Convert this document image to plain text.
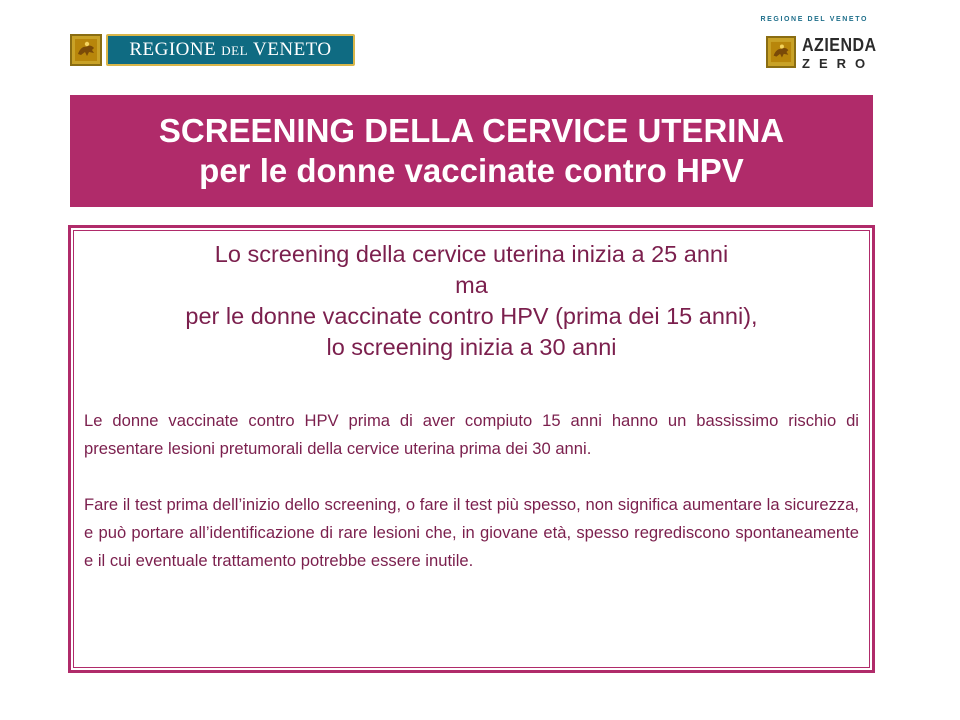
REGIONE DEL VENETO
REGIONE DEL VENETO
AZIENDA
ZERO
SCREENING DELLA CERVICE UTERINA
per le donne vaccinate contro HPV
Lo screening della cervice uterina inizia a 25 anni
ma
per le donne vaccinate contro HPV (prima dei 15 anni),
lo screening inizia a 30 anni

Le donne vaccinate contro HPV prima di aver compiuto 15 anni hanno un bassissimo rischio di presentare lesioni pretumorali della cervice uterina prima dei 30 anni.

Fare il test prima dell’inizio dello screening, o fare il test più spesso, non significa aumentare la sicurezza, e può portare all’identificazione di rare lesioni che, in giovane età, spesso regrediscono spontaneamente e il cui eventuale trattamento potrebbe essere inutile.
